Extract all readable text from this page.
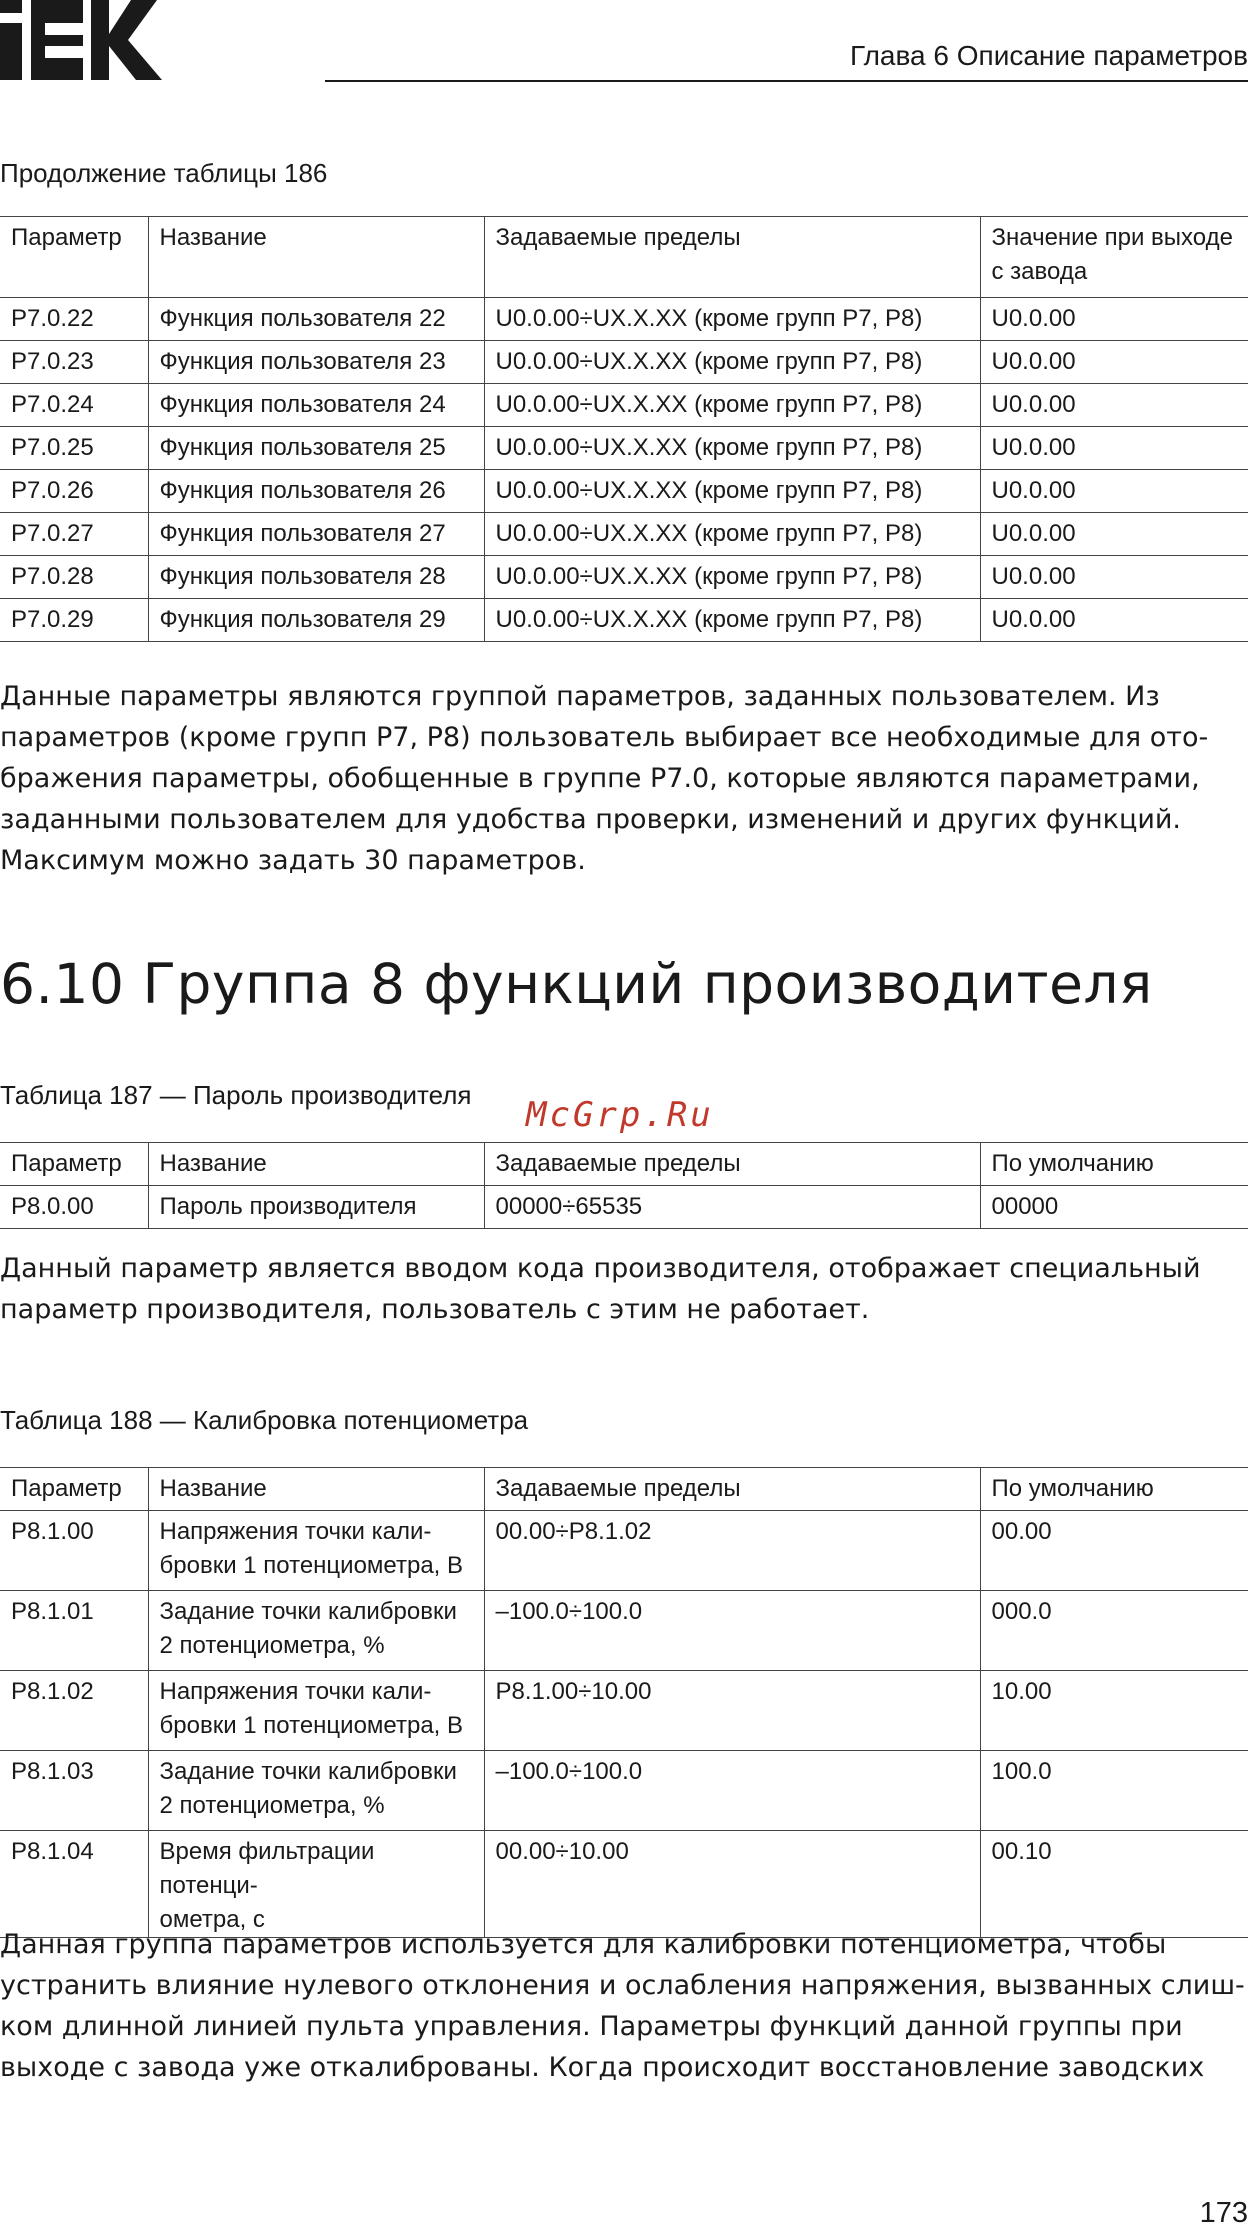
Глава 6 Описание параметров
Продолжение таблицы 186
Параметр	Название	Задаваемые пределы	Значение при выходе с завода
P7.0.22	Функция пользователя 22	U0.0.00÷UX.X.XX (кроме групп P7, P8)	U0.0.00
P7.0.23	Функция пользователя 23	U0.0.00÷UX.X.XX (кроме групп P7, P8)	U0.0.00
P7.0.24	Функция пользователя 24	U0.0.00÷UX.X.XX (кроме групп P7, P8)	U0.0.00
P7.0.25	Функция пользователя 25	U0.0.00÷UX.X.XX (кроме групп P7, P8)	U0.0.00
P7.0.26	Функция пользователя 26	U0.0.00÷UX.X.XX (кроме групп P7, P8)	U0.0.00
P7.0.27	Функция пользователя 27	U0.0.00÷UX.X.XX (кроме групп P7, P8)	U0.0.00
P7.0.28	Функция пользователя 28	U0.0.00÷UX.X.XX (кроме групп P7, P8)	U0.0.00
P7.0.29	Функция пользователя 29	U0.0.00÷UX.X.XX (кроме групп P7, P8)	U0.0.00
Данные параметры являются группой параметров, заданных пользователем. Из
параметров (кроме групп P7, P8) пользователь выбирает все необходимые для ото-
бражения параметры, обобщенные в группе P7.0, которые являются параметрами,
заданными пользователем для удобства проверки, изменений и других функций.
Максимум можно задать 30 параметров.
6.10 Группа 8 функций производителя
Таблица 187 — Пароль производителя McGrp.Ru
Параметр	Название	Задаваемые пределы	По умолчанию
P8.0.00	Пароль производителя	00000÷65535	00000
Данный параметр является вводом кода производителя, отображает специальный
параметр производителя, пользователь с этим не работает.
Таблица 188 — Калибровка потенциометра
Параметр	Название	Задаваемые пределы	По умолчанию
P8.1.00	Напряжения точки кали-
бровки 1 потенциометра, В	00.00÷P8.1.02	00.00
P8.1.01	Задание точки калибровки
2 потенциометра, %	–100.0÷100.0	000.0
P8.1.02	Напряжения точки кали-
бровки 1 потенциометра, В	P8.1.00÷10.00	10.00
P8.1.03	Задание точки калибровки
2 потенциометра, %	–100.0÷100.0	100.0
P8.1.04	Время фильтрации потенци-
ометра, с	00.00÷10.00	00.10
Данная группа параметров используется для калибровки потенциометра, чтобы
устранить влияние нулевого отклонения и ослабления напряжения, вызванных слиш-
ком длинной линией пульта управления. Параметры функций данной группы при
выходе с завода уже откалиброваны. Когда происходит восстановление заводских
173
